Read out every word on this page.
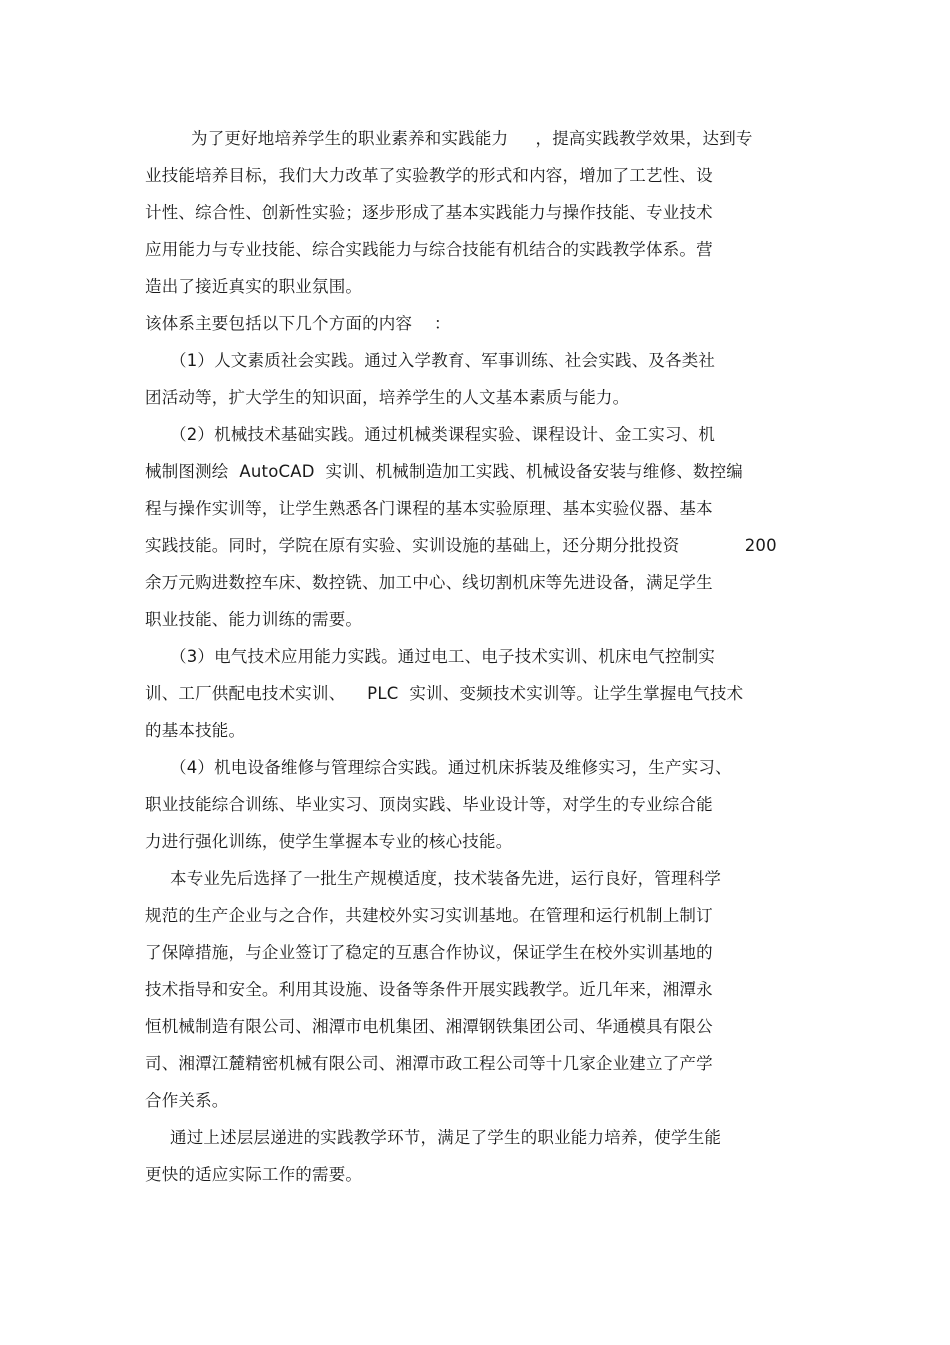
为了更好地培养学生的职业素养和实践能力     ，提高实践教学效果，达到专
业技能培养目标，我们大力改革了实验教学的形式和内容，增加了工艺性、设
计性、综合性、创新性实验；逐步形成了基本实践能力与操作技能、专业技术
应用能力与专业技能、综合实践能力与综合技能有机结合的实践教学体系。营
造出了接近真实的职业氛围。
该体系主要包括以下几个方面的内容    ：
（1）人文素质社会实践。通过入学教育、军事训练、社会实践、及各类社
团活动等，扩大学生的知识面，培养学生的人文基本素质与能力。
（2）机械技术基础实践。通过机械类课程实验、课程设计、金工实习、机
械制图测绘  AutoCAD  实训、机械制造加工实践、机械设备安装与维修、数控编
程与操作实训等，让学生熟悉各门课程的基本实验原理、基本实验仪器、基本
实践技能。同时，学院在原有实验、实训设施的基础上，还分期分批投资            200
余万元购进数控车床、数控铣、加工中心、线切割机床等先进设备，满足学生
职业技能、能力训练的需要。
（3）电气技术应用能力实践。通过电工、电子技术实训、机床电气控制实
训、工厂供配电技术实训、    PLC  实训、变频技术实训等。让学生掌握电气技术
的基本技能。
（4）机电设备维修与管理综合实践。通过机床拆装及维修实习，生产实习、
职业技能综合训练、毕业实习、顶岗实践、毕业设计等，对学生的专业综合能
力进行强化训练，使学生掌握本专业的核心技能。
本专业先后选择了一批生产规模适度，技术装备先进，运行良好，管理科学
规范的生产企业与之合作，共建校外实习实训基地。在管理和运行机制上制订
了保障措施，与企业签订了稳定的互惠合作协议，保证学生在校外实训基地的
技术指导和安全。利用其设施、设备等条件开展实践教学。近几年来，湘潭永
恒机械制造有限公司、湘潭市电机集团、湘潭钢铁集团公司、华通模具有限公
司、湘潭江麓精密机械有限公司、湘潭市政工程公司等十几家企业建立了产学
合作关系。
通过上述层层递进的实践教学环节，满足了学生的职业能力培养，使学生能
更快的适应实际工作的需要。
